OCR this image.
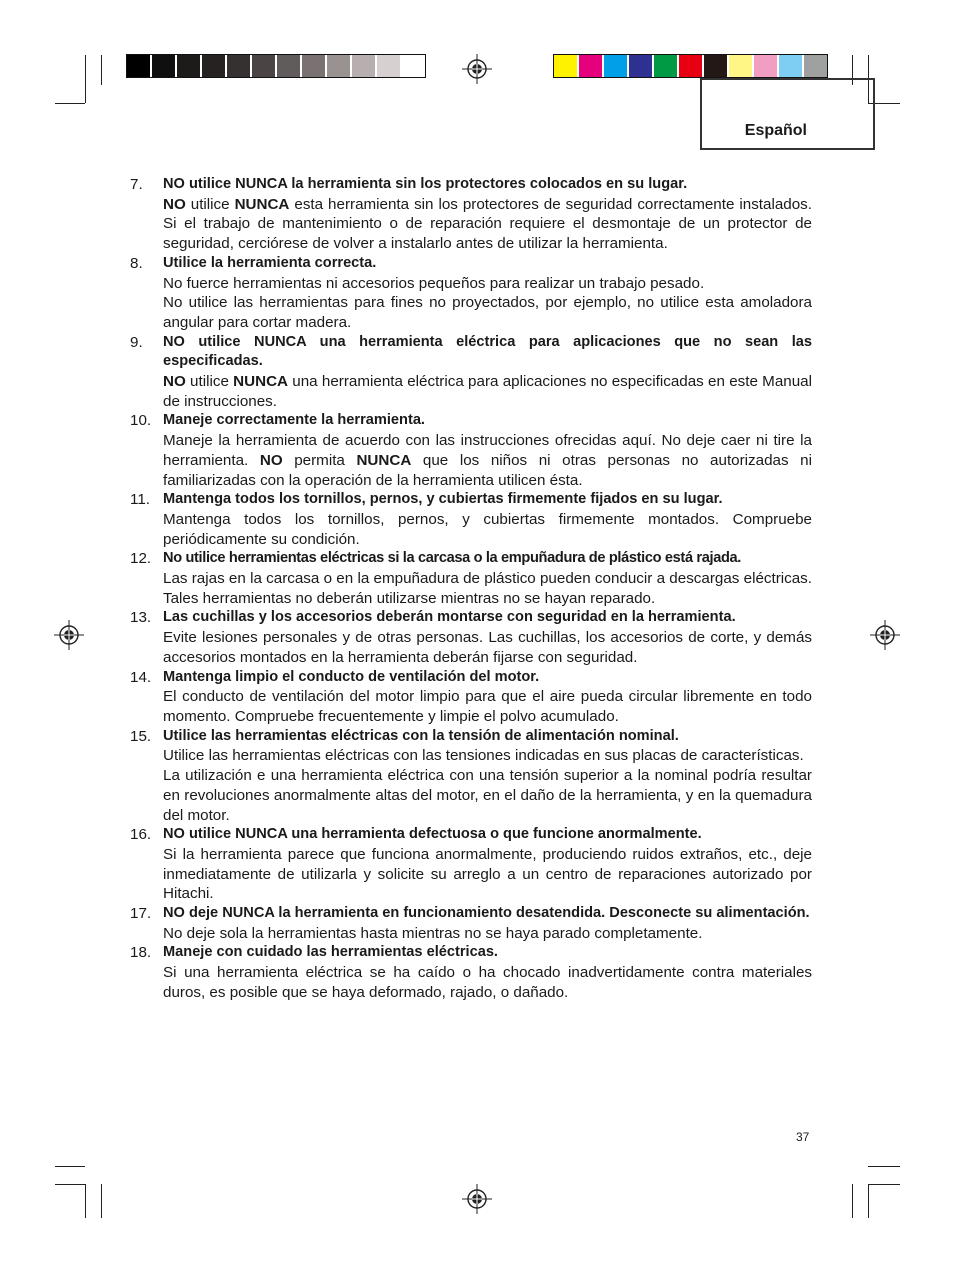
Español
7.	NO utilice NUNCA la herramienta sin los protectores colocados en su lugar.

NO utilice NUNCA esta herramienta sin los protectores de seguridad correctamente instalados. Si el trabajo de mantenimiento o de reparación requiere el desmontaje de un protector de seguridad, cerciórese de volver a instalarlo antes de utilizar la herramienta.

8.	Utilice la herramienta correcta.

No fuerce herramientas ni accesorios pequeños para realizar un trabajo pesado.

No utilice las herramientas para fines no proyectados, por ejemplo, no utilice esta amoladora angular para cortar madera.

9.	NO utilice NUNCA una herramienta eléctrica para aplicaciones que no sean las especificadas.

NO utilice NUNCA una herramienta eléctrica para aplicaciones no especificadas en este Manual de instrucciones.

10. Maneje correctamente la herramienta.

Maneje la herramienta de acuerdo con las instrucciones ofrecidas aquí. No deje caer ni tire la herramienta. NO permita NUNCA que los niños ni otras personas no autorizadas ni familiarizadas con la operación de la herramienta utilicen ésta.

11. Mantenga todos los tornillos, pernos, y cubiertas firmemente fijados en su lugar.

Mantenga todos los tornillos, pernos, y cubiertas firmemente montados. Compruebe periódicamente su condición.

12. No utilice herramientas eléctricas si la carcasa o la empuñadura de plástico está rajada.

Las rajas en la carcasa o en la empuñadura de plástico pueden conducir a descargas eléctricas. Tales herramientas no deberán utilizarse mientras no se hayan reparado.

13. Las cuchillas y los accesorios deberán montarse con seguridad en la herramienta.

Evite lesiones personales y de otras personas. Las cuchillas, los accesorios de corte, y demás accesorios montados en la herramienta deberán fijarse con seguridad.

14. Mantenga limpio el conducto de ventilación del motor.

El conducto de ventilación del motor limpio para que el aire pueda circular libremente en todo momento. Compruebe frecuentemente y limpie el polvo acumulado.

15. Utilice las herramientas eléctricas con la tensión de alimentación nominal.

Utilice las herramientas eléctricas con las tensiones indicadas en sus placas de características.

La utilización e una herramienta eléctrica con una tensión superior a la nominal podría resultar en revoluciones anormalmente altas del motor, en el daño de la herramienta, y en la quemadura del motor.

16. NO utilice NUNCA una herramienta defectuosa o que funcione anormalmente.

Si la herramienta parece que funciona anormalmente, produciendo ruidos extraños, etc., deje inmediatamente de utilizarla y solicite su arreglo a un centro de reparaciones autorizado por Hitachi.

17. NO deje NUNCA la herramienta en funcionamiento desatendida. Desconecte su alimentación.

No deje sola la herramientas hasta mientras no se haya parado completamente.

18. Maneje con cuidado las herramientas eléctricas.

Si una herramienta eléctrica se ha caído o ha chocado inadvertidamente contra materiales duros, es posible que se haya deformado, rajado, o dañado.

37
